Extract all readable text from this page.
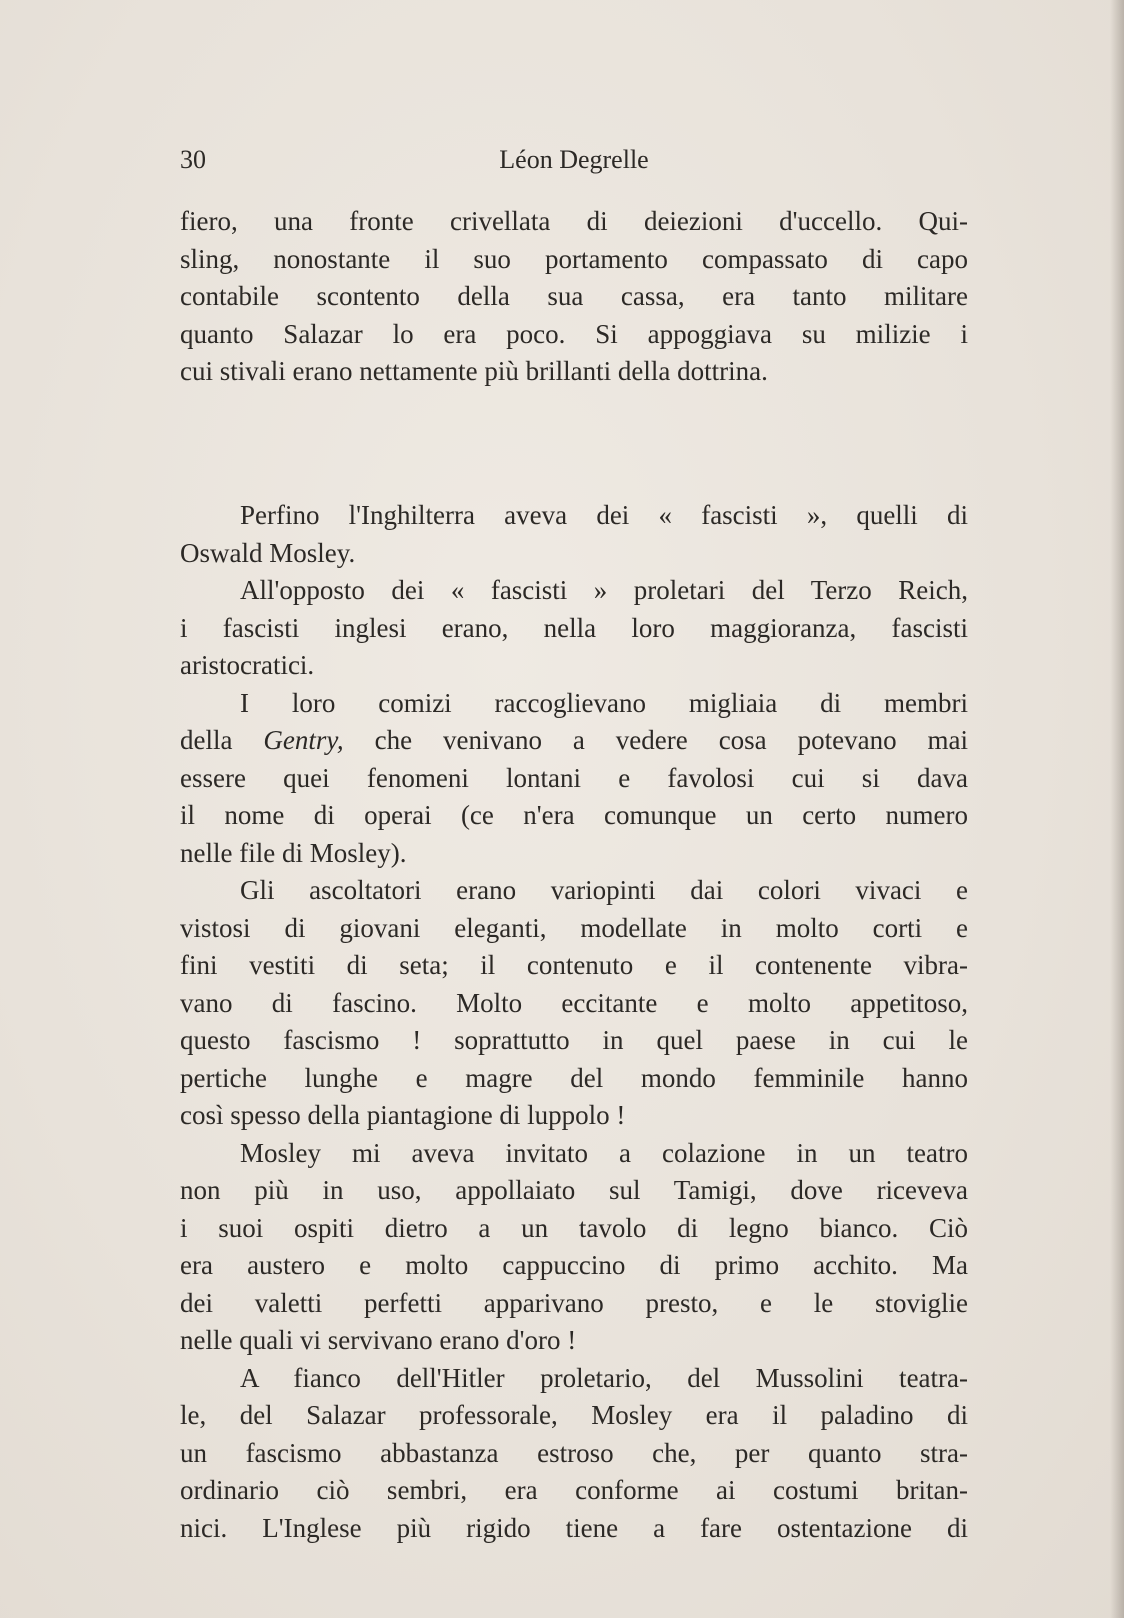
30	Léon Degrelle
fiero, una fronte crivellata di deiezioni d'uccello. Qui-
sling, nonostante il suo portamento compassato di capo
contabile scontento della sua cassa, era tanto militare
quanto Salazar lo era poco. Si appoggiava su milizie i
cui stivali erano nettamente più brillanti della dottrina.
Perfino l'Inghilterra aveva dei « fascisti », quelli di
Oswald Mosley.
All'opposto dei « fascisti » proletari del Terzo Reich,
i fascisti inglesi erano, nella loro maggioranza, fascisti
aristocratici.
I loro comizi raccoglievano migliaia di membri
della Gentry, che venivano a vedere cosa potevano mai
essere quei fenomeni lontani e favolosi cui si dava
il nome di operai (ce n'era comunque un certo numero
nelle file di Mosley).
Gli ascoltatori erano variopinti dai colori vivaci e
vistosi di giovani eleganti, modellate in molto corti e
fini vestiti di seta; il contenuto e il contenente vibra-
vano di fascino. Molto eccitante e molto appetitoso,
questo fascismo ! soprattutto in quel paese in cui le
pertiche lunghe e magre del mondo femminile hanno
così spesso della piantagione di luppolo !
Mosley mi aveva invitato a colazione in un teatro
non più in uso, appollaiato sul Tamigi, dove riceveva
i suoi ospiti dietro a un tavolo di legno bianco. Ciò
era austero e molto cappuccino di primo acchito. Ma
dei valetti perfetti apparivano presto, e le stoviglie
nelle quali vi servivano erano d'oro !
A fianco dell'Hitler proletario, del Mussolini teatra-
le, del Salazar professorale, Mosley era il paladino di
un fascismo abbastanza estroso che, per quanto stra-
ordinario ciò sembri, era conforme ai costumi britan-
nici. L'Inglese più rigido tiene a fare ostentazione di
